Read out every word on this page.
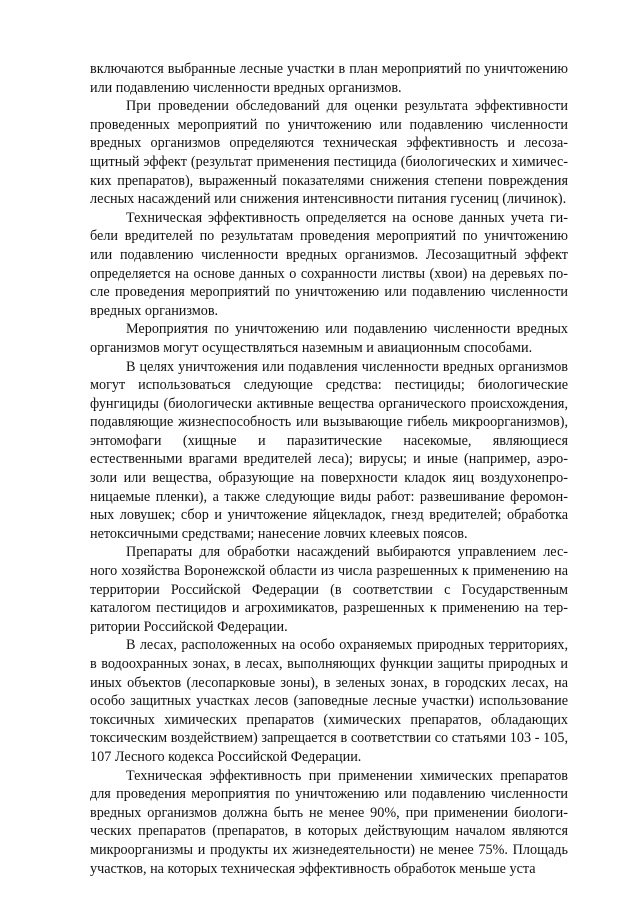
включаются выбранные лесные участки в план мероприятий по уничтожению или подавлению численности вредных организмов.

При проведении обследований для оценки результата эффективности проведенных мероприятий по уничтожению или подавлению численности вредных организмов определяются техническая эффективность и лесозащитный эффект (результат применения пестицида (биологических и химических препаратов), выраженный показателями снижения степени повреждения лесных насаждений или снижения интенсивности питания гусениц (личинок).

Техническая эффективность определяется на основе данных учета гибели вредителей по результатам проведения мероприятий по уничтожению или подавлению численности вредных организмов. Лесозащитный эффект определяется на основе данных о сохранности листвы (хвои) на деревьях после проведения мероприятий по уничтожению или подавлению численности вредных организмов.

Мероприятия по уничтожению или подавлению численности вредных организмов могут осуществляться наземным и авиационным способами.

В целях уничтожения или подавления численности вредных организмов могут использоваться следующие средства: пестициды; биологические фунгициды (биологически активные вещества органического происхождения, подавляющие жизнеспособность или вызывающие гибель микроорганизмов), энтомофаги (хищные и паразитические насекомые, являющиеся естественными врагами вредителей леса); вирусы; и иные (например, аэрозоли или вещества, образующие на поверхности кладок яиц воздухонепроницаемые пленки), а также следующие виды работ: развешивание феромонных ловушек; сбор и уничтожение яйцекладок, гнезд вредителей; обработка нетоксичными средствами; нанесение ловчих клеевых поясов.

Препараты для обработки насаждений выбираются управлением лесного хозяйства Воронежской области из числа разрешенных к применению на территории Российской Федерации (в соответствии с Государственным каталогом пестицидов и агрохимикатов, разрешенных к применению на территории Российской Федерации.

В лесах, расположенных на особо охраняемых природных территориях, в водоохранных зонах, в лесах, выполняющих функции защиты природных и иных объектов (лесопарковые зоны), в зеленых зонах, в городских лесах, на особо защитных участках лесов (заповедные лесные участки) использование токсичных химических препаратов (химических препаратов, обладающих токсическим воздействием) запрещается в соответствии со статьями 103 - 105, 107 Лесного кодекса Российской Федерации.

Техническая эффективность при применении химических препаратов для проведения мероприятия по уничтожению или подавлению численности вредных организмов должна быть не менее 90%, при применении биологических препаратов (препаратов, в которых действующим началом являются микроорганизмы и продукты их жизнедеятельности) не менее 75%. Площадь участков, на которых техническая эффективность обработок меньше уста
